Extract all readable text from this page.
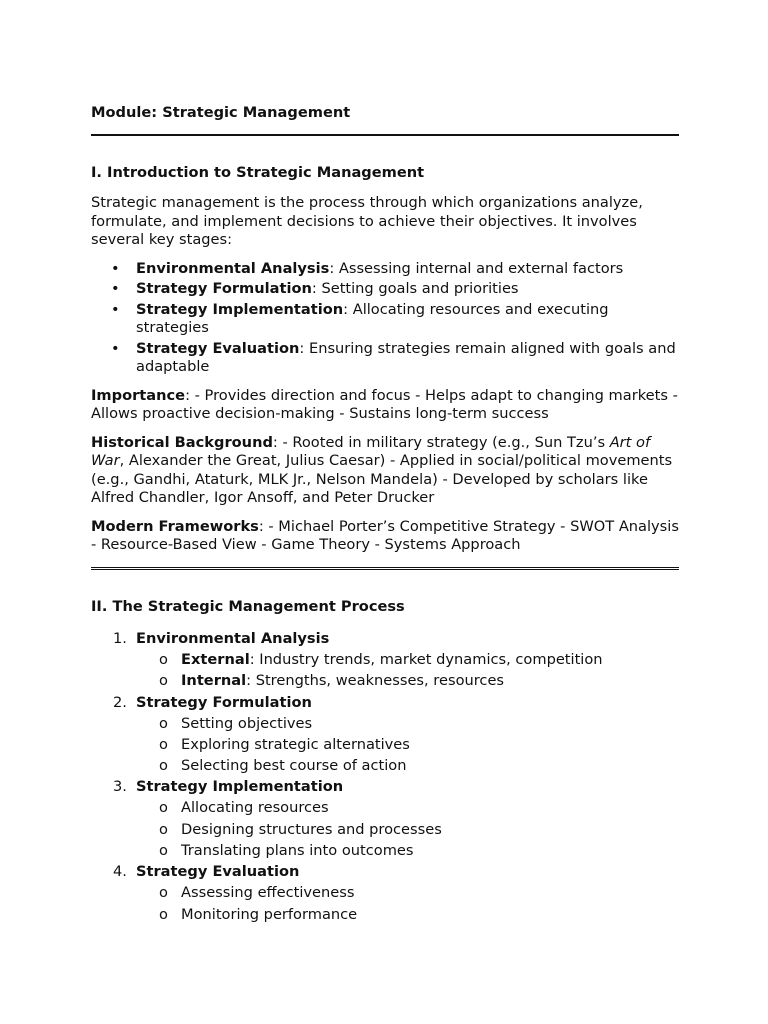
Module: Strategic Management
I. Introduction to Strategic Management

Strategic management is the process through which organizations analyze, formulate, and implement decisions to achieve their objectives. It involves several key stages:

• Environmental Analysis: Assessing internal and external factors
• Strategy Formulation: Setting goals and priorities
• Strategy Implementation: Allocating resources and executing strategies
• Strategy Evaluation: Ensuring strategies remain aligned with goals and adaptable

Importance: - Provides direction and focus - Helps adapt to changing markets - Allows proactive decision-making - Sustains long-term success

Historical Background: - Rooted in military strategy (e.g., Sun Tzu’s Art of War, Alexander the Great, Julius Caesar) - Applied in social/political movements (e.g., Gandhi, Ataturk, MLK Jr., Nelson Mandela) - Developed by scholars like Alfred Chandler, Igor Ansoff, and Peter Drucker

Modern Frameworks: - Michael Porter’s Competitive Strategy - SWOT Analysis - Resource-Based View - Game Theory - Systems Approach

II. The Strategic Management Process
1. Environmental Analysis
o External: Industry trends, market dynamics, competition
o Internal: Strengths, weaknesses, resources
2. Strategy Formulation
o Setting objectives
o Exploring strategic alternatives
o Selecting best course of action
3. Strategy Implementation
o Allocating resources
o Designing structures and processes
o Translating plans into outcomes
4. Strategy Evaluation
o Assessing effectiveness
o Monitoring performance
